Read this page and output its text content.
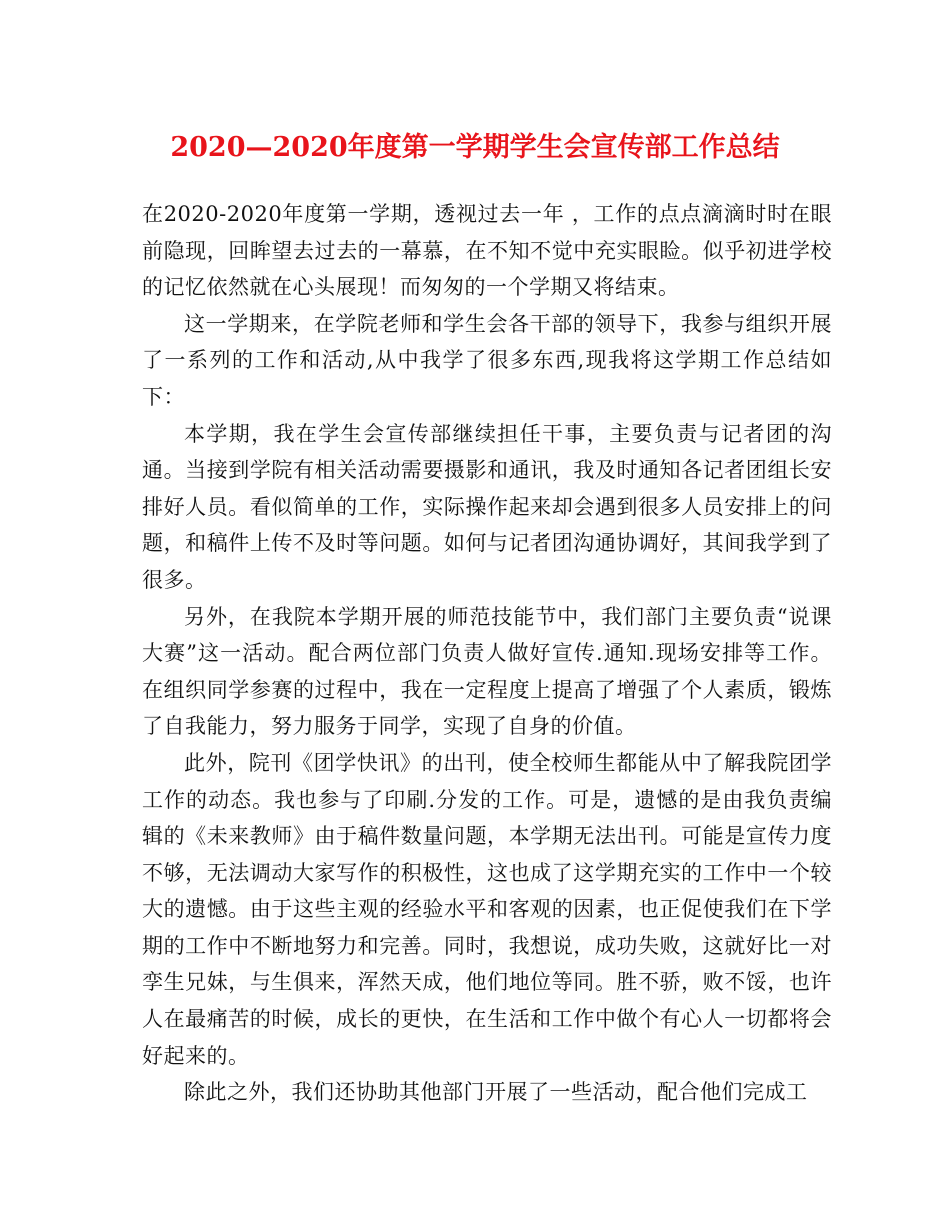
2020—2020年度第一学期学生会宣传部工作总结

在2020-2020年度第一学期，透视过去一年 ，工作的点点滴滴时时在眼前隐现，回眸望去过去的一幕慕，在不知不觉中充实眼睑。似乎初进学校的记忆依然就在心头展现！而匆匆的一个学期又将结束。

这一学期来，在学院老师和学生会各干部的领导下，我参与组织开展了一系列的工作和活动,从中我学了很多东西,现我将这学期工作总结如下：

本学期，我在学生会宣传部继续担任干事，主要负责与记者团的沟通。当接到学院有相关活动需要摄影和通讯，我及时通知各记者团组长安排好人员。看似简单的工作，实际操作起来却会遇到很多人员安排上的问题，和稿件上传不及时等问题。如何与记者团沟通协调好，其间我学到了很多。

另外，在我院本学期开展的师范技能节中，我们部门主要负责“说课大赛”这一活动。配合两位部门负责人做好宣传.通知.现场安排等工作。在组织同学参赛的过程中，我在一定程度上提高了增强了个人素质，锻炼了自我能力，努力服务于同学，实现了自身的价值。

此外，院刊《团学快讯》的出刊，使全校师生都能从中了解我院团学工作的动态。我也参与了印刷.分发的工作。可是，遗憾的是由我负责编辑的《未来教师》由于稿件数量问题，本学期无法出刊。可能是宣传力度不够，无法调动大家写作的积极性，这也成了这学期充实的工作中一个较大的遗憾。由于这些主观的经验水平和客观的因素，也正促使我们在下学期的工作中不断地努力和完善。同时，我想说，成功失败，这就好比一对孪生兄妹，与生俱来，浑然天成，他们地位等同。胜不骄，败不馁，也许人在最痛苦的时候，成长的更快，在生活和工作中做个有心人一切都将会好起来的。

除此之外，我们还协助其他部门开展了一些活动，配合他们完成工
